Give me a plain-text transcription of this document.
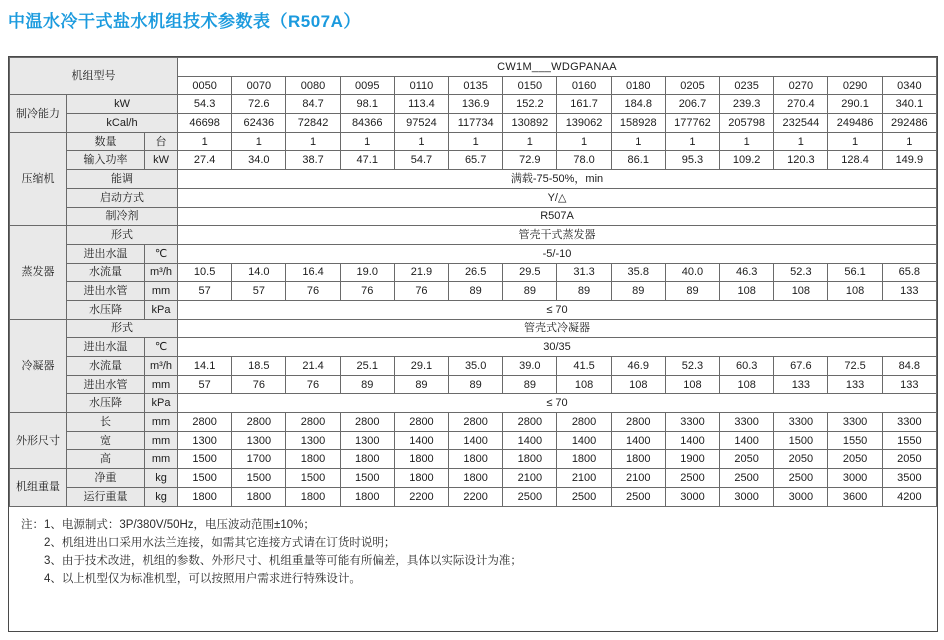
中温水冷干式盐水机组技术参数表（R507A）
机组型号			CW1M___WDGPANAA													
			0050	0070	0080	0095	0110	0135	0150	0160	0180	0205	0235	0270	0290	0340
制冷能力	kW		54.3	72.6	84.7	98.1	113.4	136.9	152.2	161.7	184.8	206.7	239.3	270.4	290.1	340.1
	kCal/h		46698	62436	72842	84366	97524	117734	130892	139062	158928	177762	205798	232544	249486	292486
压缩机	数量	台	1	1	1	1	1	1	1	1	1	1	1	1	1	1
	输入功率	kW	27.4	34.0	38.7	47.1	54.7	65.7	72.9	78.0	86.1	95.3	109.2	120.3	128.4	149.9
	能调		满载-75-50%，min													
	启动方式		Y/△													
	制冷剂		R507A													
蒸发器	形式		管壳干式蒸发器													
	进出水温	℃	-5/-10													
	水流量	m³/h	10.5	14.0	16.4	19.0	21.9	26.5	29.5	31.3	35.8	40.0	46.3	52.3	56.1	65.8
	进出水管	mm	57	57	76	76	76	89	89	89	89	89	108	108	108	133
	水压降	kPa	≤ 70													
冷凝器	形式		管壳式冷凝器													
	进出水温	℃	30/35													
	水流量	m³/h	14.1	18.5	21.4	25.1	29.1	35.0	39.0	41.5	46.9	52.3	60.3	67.6	72.5	84.8
	进出水管	mm	57	76	76	89	89	89	89	108	108	108	108	133	133	133
	水压降	kPa	≤ 70													
外形尺寸	长	mm	2800	2800	2800	2800	2800	2800	2800	2800	2800	3300	3300	3300	3300	3300
	宽	mm	1300	1300	1300	1300	1400	1400	1400	1400	1400	1400	1400	1500	1550	1550
	高	mm	1500	1700	1800	1800	1800	1800	1800	1800	1800	1900	2050	2050	2050	2050
机组重量	净重	kg	1500	1500	1500	1500	1800	1800	2100	2100	2100	2500	2500	2500	3000	3500
	运行重量	kg	1800	1800	1800	1800	2200	2200	2500	2500	2500	3000	3000	3000	3600	4200
注： 1、电源制式：3P/380V/50Hz，电压波动范围±10%；
2、机组进出口采用水法兰连接，如需其它连接方式请在订货时说明；
3、由于技术改进，机组的参数、外形尺寸、机组重量等可能有所偏差，具体以实际设计为准；
4、以上机型仅为标准机型，可以按照用户需求进行特殊设计。
